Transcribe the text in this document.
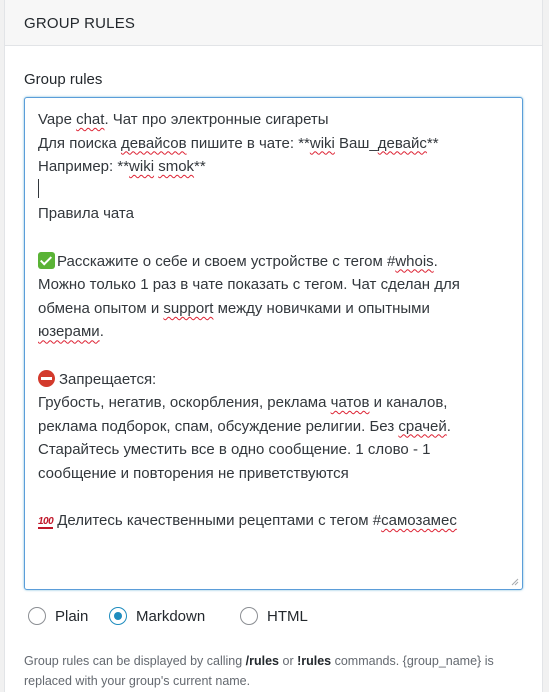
GROUP RULES
Group rules
Vape chat. Чат про электронные сигареты
Для поиска девайсов пишите в чате: **wiki Ваш_девайс**
Например: **wiki smok**
Правила чата
Расскажите о себе и своем устройстве с тегом #whois.
Можно только 1 раз в чате показать с тегом. Чат сделан для
обмена опытом и support между новичками и опытными
юзерами.
Запрещается:
Грубость, негатив, оскорбления, реклама чатов и каналов,
реклама подборок, спам, обсуждение религии. Без срачей.
Старайтесь уместить все в одно сообщение. 1 слово - 1
сообщение и повторения не приветствуются
100 Делитесь качественными рецептами с тегом #самозамес
Plain	Markdown	HTML
Group rules can be displayed by calling /rules or !rules commands. {group_name} is replaced with your group's current name.
